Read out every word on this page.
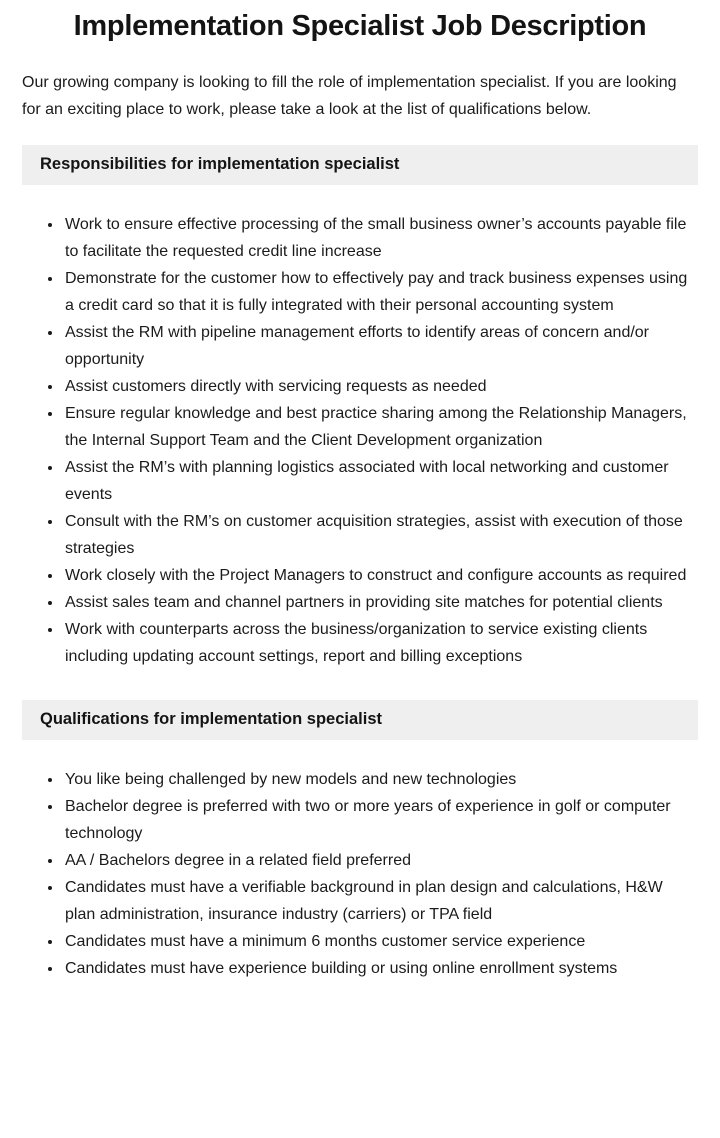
Implementation Specialist Job Description

Our growing company is looking to fill the role of implementation specialist. If you are looking for an exciting place to work, please take a look at the list of qualifications below.

Responsibilities for implementation specialist
• Work to ensure effective processing of the small business owner’s accounts payable file to facilitate the requested credit line increase
• Demonstrate for the customer how to effectively pay and track business expenses using a credit card so that it is fully integrated with their personal accounting system
• Assist the RM with pipeline management efforts to identify areas of concern and/or opportunity
• Assist customers directly with servicing requests as needed
• Ensure regular knowledge and best practice sharing among the Relationship Managers, the Internal Support Team and the Client Development organization
• Assist the RM’s with planning logistics associated with local networking and customer events
• Consult with the RM’s on customer acquisition strategies, assist with execution of those strategies
• Work closely with the Project Managers to construct and configure accounts as required
• Assist sales team and channel partners in providing site matches for potential clients
• Work with counterparts across the business/organization to service existing clients including updating account settings, report and billing exceptions
Qualifications for implementation specialist
• You like being challenged by new models and new technologies
• Bachelor degree is preferred with two or more years of experience in golf or computer technology
• AA / Bachelors degree in a related field preferred
• Candidates must have a verifiable background in plan design and calculations, H&W plan administration, insurance industry (carriers) or TPA field
• Candidates must have a minimum 6 months customer service experience
• Candidates must have experience building or using online enrollment systems
